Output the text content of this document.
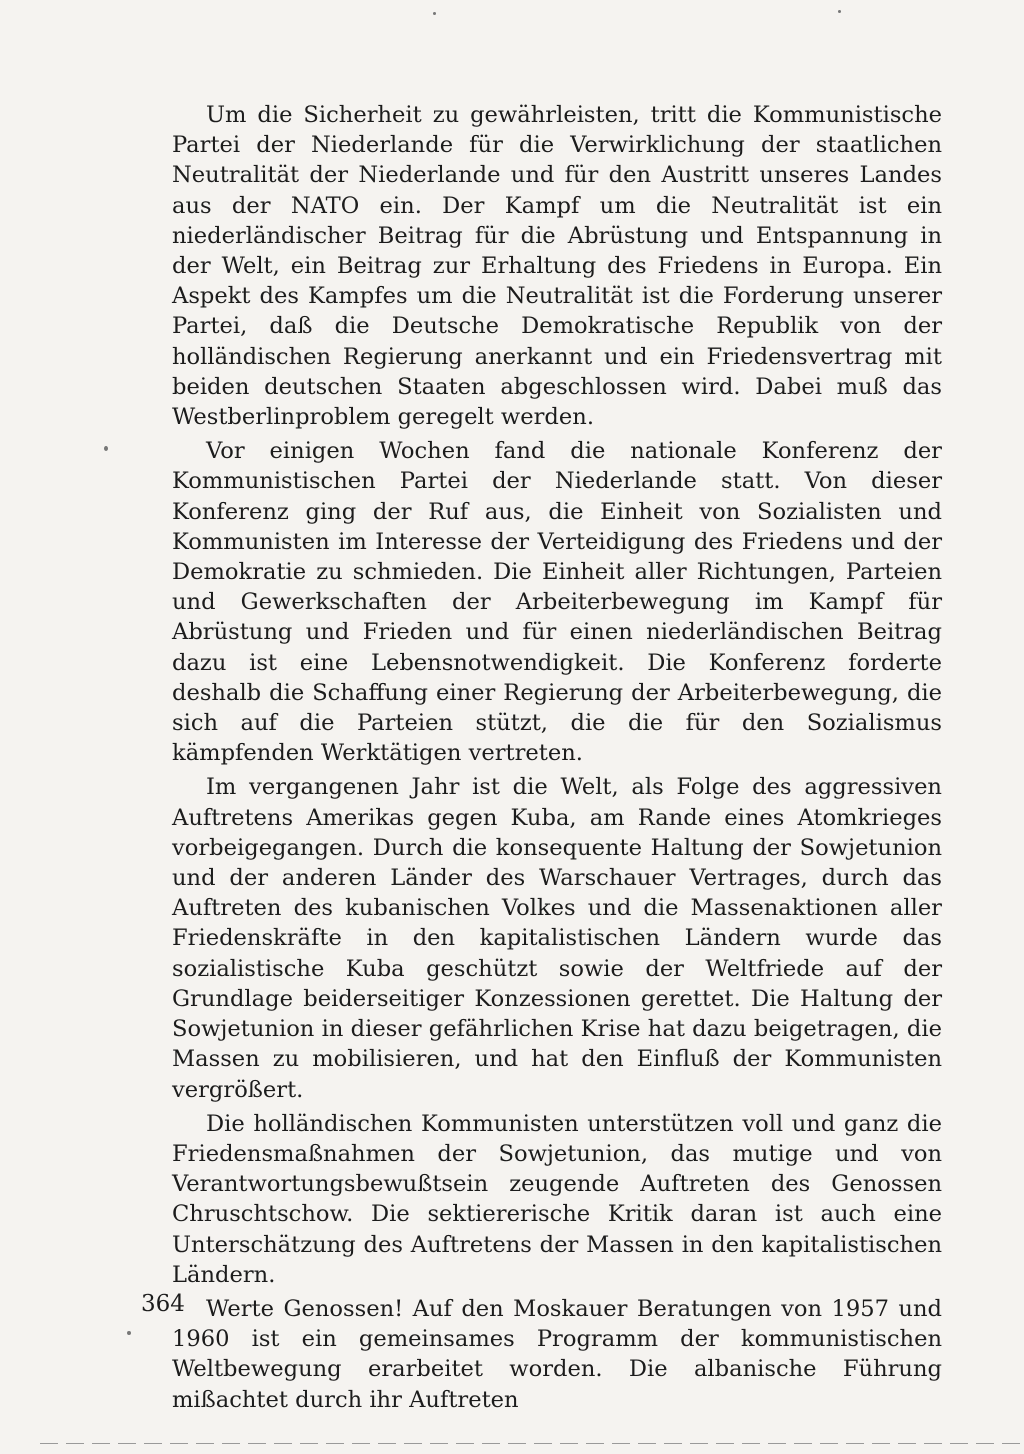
Um die Sicherheit zu gewährleisten, tritt die Kommunistische Partei der Niederlande für die Verwirklichung der staatlichen Neutralität der Niederlande und für den Austritt unseres Landes aus der NATO ein. Der Kampf um die Neutralität ist ein niederländischer Beitrag für die Abrüstung und Entspannung in der Welt, ein Beitrag zur Erhaltung des Friedens in Europa. Ein Aspekt des Kampfes um die Neutralität ist die Forderung unserer Partei, daß die Deutsche Demokratische Republik von der holländischen Regierung anerkannt und ein Friedensvertrag mit beiden deutschen Staaten abgeschlossen wird. Dabei muß das Westberlinproblem geregelt werden.

Vor einigen Wochen fand die nationale Konferenz der Kommunistischen Partei der Niederlande statt. Von dieser Konferenz ging der Ruf aus, die Einheit von Sozialisten und Kommunisten im Interesse der Verteidigung des Friedens und der Demokratie zu schmieden. Die Einheit aller Richtungen, Parteien und Gewerkschaften der Arbeiterbewegung im Kampf für Abrüstung und Frieden und für einen niederländischen Beitrag dazu ist eine Lebensnotwendigkeit. Die Konferenz forderte deshalb die Schaffung einer Regierung der Arbeiterbewegung, die sich auf die Parteien stützt, die die für den Sozialismus kämpfenden Werktätigen vertreten.

Im vergangenen Jahr ist die Welt, als Folge des aggressiven Auftretens Amerikas gegen Kuba, am Rande eines Atomkrieges vorbeigegangen. Durch die konsequente Haltung der Sowjetunion und der anderen Länder des Warschauer Vertrages, durch das Auftreten des kubanischen Volkes und die Massenaktionen aller Friedenskräfte in den kapitalistischen Ländern wurde das sozialistische Kuba geschützt sowie der Weltfriede auf der Grundlage beiderseitiger Konzessionen gerettet. Die Haltung der Sowjetunion in dieser gefährlichen Krise hat dazu beigetragen, die Massen zu mobilisieren, und hat den Einfluß der Kommunisten vergrößert.

Die holländischen Kommunisten unterstützen voll und ganz die Friedensmaßnahmen der Sowjetunion, das mutige und von Verantwortungsbewußtsein zeugende Auftreten des Genossen Chruschtschow. Die sektiererische Kritik daran ist auch eine Unterschätzung des Auftretens der Massen in den kapitalistischen Ländern.

Werte Genossen! Auf den Moskauer Beratungen von 1957 und 1960 ist ein gemeinsames Programm der kommunistischen Weltbewegung erarbeitet worden. Die albanische Führung mißachtet durch ihr Auftreten

364
